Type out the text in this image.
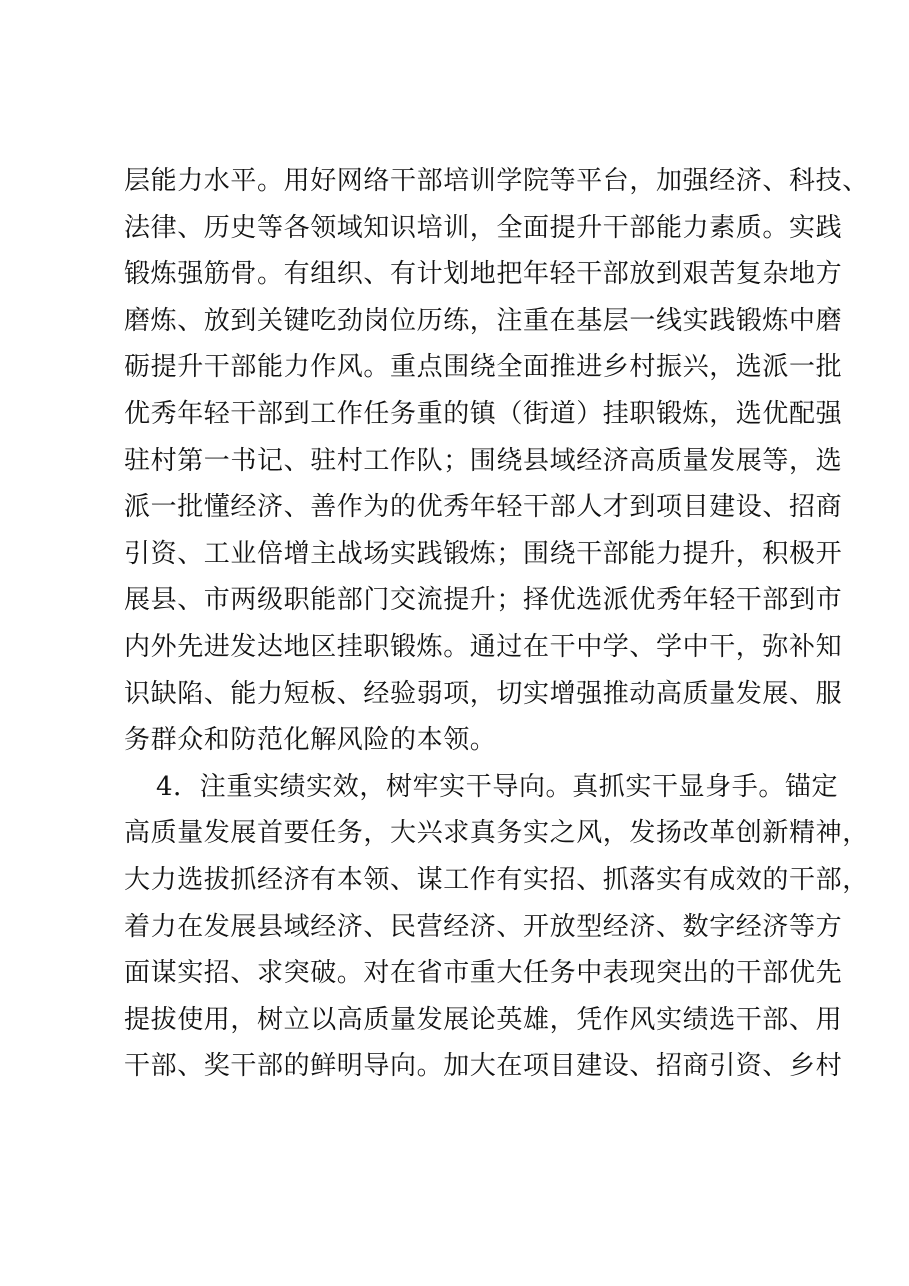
层能力水平。用好网络干部培训学院等平台，加强经济、科技、
法律、历史等各领域知识培训，全面提升干部能力素质。实践
锻炼强筋骨。有组织、有计划地把年轻干部放到艰苦复杂地方
磨炼、放到关键吃劲岗位历练，注重在基层一线实践锻炼中磨
砺提升干部能力作风。重点围绕全面推进乡村振兴，选派一批
优秀年轻干部到工作任务重的镇（街道）挂职锻炼，选优配强
驻村第一书记、驻村工作队；围绕县域经济高质量发展等，选
派一批懂经济、善作为的优秀年轻干部人才到项目建设、招商
引资、工业倍增主战场实践锻炼；围绕干部能力提升，积极开
展县、市两级职能部门交流提升；择优选派优秀年轻干部到市
内外先进发达地区挂职锻炼。通过在干中学、学中干，弥补知
识缺陷、能力短板、经验弱项，切实增强推动高质量发展、服
务群众和防范化解风险的本领。
4．注重实绩实效，树牢实干导向。真抓实干显身手。锚定
高质量发展首要任务，大兴求真务实之风，发扬改革创新精神，
大力选拔抓经济有本领、谋工作有实招、抓落实有成效的干部，
着力在发展县域经济、民营经济、开放型经济、数字经济等方
面谋实招、求突破。对在省市重大任务中表现突出的干部优先
提拔使用，树立以高质量发展论英雄，凭作风实绩选干部、用
干部、奖干部的鲜明导向。加大在项目建设、招商引资、乡村
